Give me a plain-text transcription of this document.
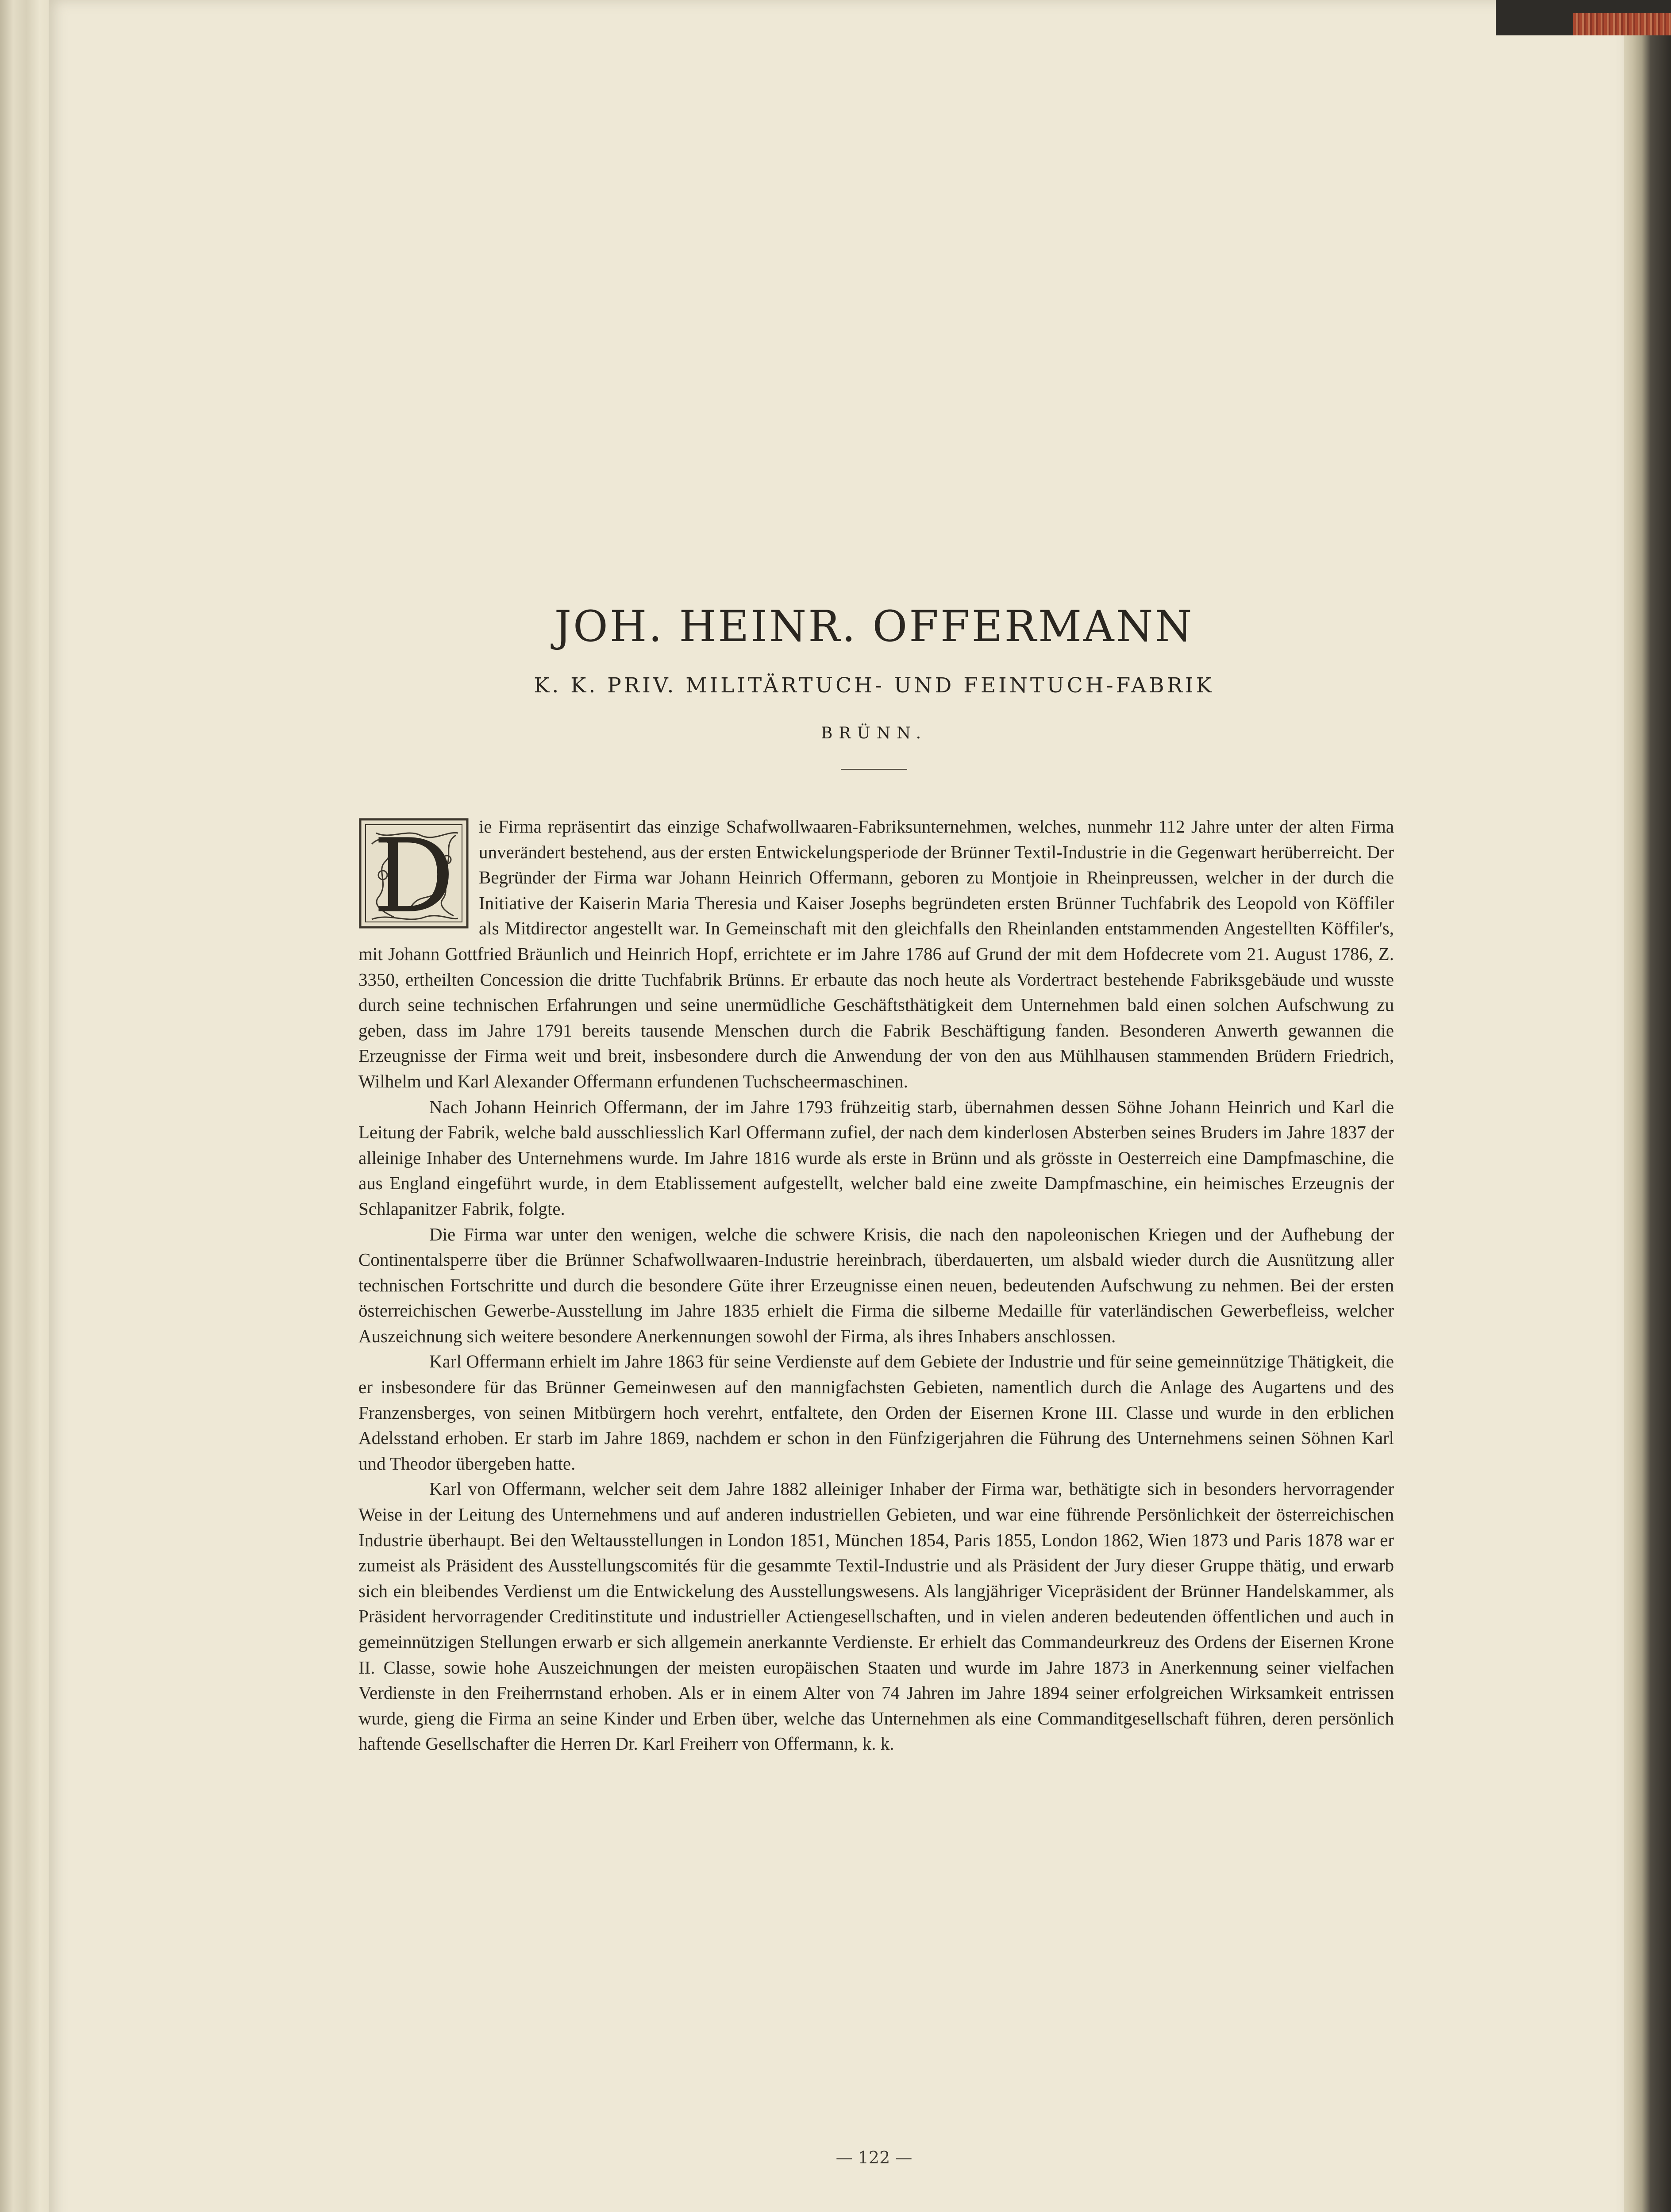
JOH. HEINR. OFFERMANN
K. K. PRIV. MILITÄRTUCH- UND FEINTUCH-FABRIK
BRÜNN.

D ie Firma repräsentirt das einzige Schafwollwaaren-Fabriksunternehmen, welches, nunmehr 112 Jahre unter der alten Firma unverändert bestehend, aus der ersten Entwickelungsperiode der Brünner Textil-Industrie in die Gegenwart herüberreicht. Der Begründer der Firma war Johann Heinrich Offermann, geboren zu Montjoie in Rheinpreussen, welcher in der durch die Initiative der Kaiserin Maria Theresia und Kaiser Josephs begründeten ersten Brünner Tuchfabrik des Leopold von Köffiler als Mitdirector angestellt war. In Gemeinschaft mit den gleichfalls den Rheinlanden entstammenden Angestellten Köffiler's, mit Johann Gottfried Bräunlich und Heinrich Hopf, errichtete er im Jahre 1786 auf Grund der mit dem Hofdecrete vom 21. August 1786, Z. 3350, ertheilten Concession die dritte Tuchfabrik Brünns. Er erbaute das noch heute als Vordertract bestehende Fabriksgebäude und wusste durch seine technischen Erfahrungen und seine unermüdliche Geschäftsthätigkeit dem Unternehmen bald einen solchen Aufschwung zu geben, dass im Jahre 1791 bereits tausende Menschen durch die Fabrik Beschäftigung fanden. Besonderen Anwerth gewannen die Erzeugnisse der Firma weit und breit, insbesondere durch die Anwendung der von den aus Mühlhausen stammenden Brüdern Friedrich, Wilhelm und Karl Alexander Offermann erfundenen Tuchscheermaschinen.

Nach Johann Heinrich Offermann, der im Jahre 1793 frühzeitig starb, übernahmen dessen Söhne Johann Heinrich und Karl die Leitung der Fabrik, welche bald ausschliesslich Karl Offermann zufiel, der nach dem kinderlosen Absterben seines Bruders im Jahre 1837 der alleinige Inhaber des Unternehmens wurde. Im Jahre 1816 wurde als erste in Brünn und als grösste in Oesterreich eine Dampfmaschine, die aus England eingeführt wurde, in dem Etablissement aufgestellt, welcher bald eine zweite Dampfmaschine, ein heimisches Erzeugnis der Schlapanitzer Fabrik, folgte.

Die Firma war unter den wenigen, welche die schwere Krisis, die nach den napoleonischen Kriegen und der Aufhebung der Continentalsperre über die Brünner Schafwollwaaren-Industrie hereinbrach, überdauerten, um alsbald wieder durch die Ausnützung aller technischen Fortschritte und durch die besondere Güte ihrer Erzeugnisse einen neuen, bedeutenden Aufschwung zu nehmen. Bei der ersten österreichischen Gewerbe-Ausstellung im Jahre 1835 erhielt die Firma die silberne Medaille für vaterländischen Gewerbefleiss, welcher Auszeichnung sich weitere besondere Anerkennungen sowohl der Firma, als ihres Inhabers anschlossen.

Karl Offermann erhielt im Jahre 1863 für seine Verdienste auf dem Gebiete der Industrie und für seine gemeinnützige Thätigkeit, die er insbesondere für das Brünner Gemeinwesen auf den mannigfachsten Gebieten, namentlich durch die Anlage des Augartens und des Franzensberges, von seinen Mitbürgern hoch verehrt, entfaltete, den Orden der Eisernen Krone III. Classe und wurde in den erblichen Adelsstand erhoben. Er starb im Jahre 1869, nachdem er schon in den Fünfzigerjahren die Führung des Unternehmens seinen Söhnen Karl und Theodor übergeben hatte.

Karl von Offermann, welcher seit dem Jahre 1882 alleiniger Inhaber der Firma war, bethätigte sich in besonders hervorragender Weise in der Leitung des Unternehmens und auf anderen industriellen Gebieten, und war eine führende Persönlichkeit der österreichischen Industrie überhaupt. Bei den Weltausstellungen in London 1851, München 1854, Paris 1855, London 1862, Wien 1873 und Paris 1878 war er zumeist als Präsident des Ausstellungscomités für die gesammte Textil-Industrie und als Präsident der Jury dieser Gruppe thätig, und erwarb sich ein bleibendes Verdienst um die Entwickelung des Ausstellungswesens. Als langjähriger Vicepräsident der Brünner Handelskammer, als Präsident hervorragender Creditinstitute und industrieller Actiengesellschaften, und in vielen anderen bedeutenden öffentlichen und auch in gemeinnützigen Stellungen erwarb er sich allgemein anerkannte Verdienste. Er erhielt das Commandeurkreuz des Ordens der Eisernen Krone II. Classe, sowie hohe Auszeichnungen der meisten europäischen Staaten und wurde im Jahre 1873 in Anerkennung seiner vielfachen Verdienste in den Freiherrnstand erhoben. Als er in einem Alter von 74 Jahren im Jahre 1894 seiner erfolgreichen Wirksamkeit entrissen wurde, gieng die Firma an seine Kinder und Erben über, welche das Unternehmen als eine Commanditgesellschaft führen, deren persönlich haftende Gesellschafter die Herren Dr. Karl Freiherr von Offermann, k. k.

— 122 —
